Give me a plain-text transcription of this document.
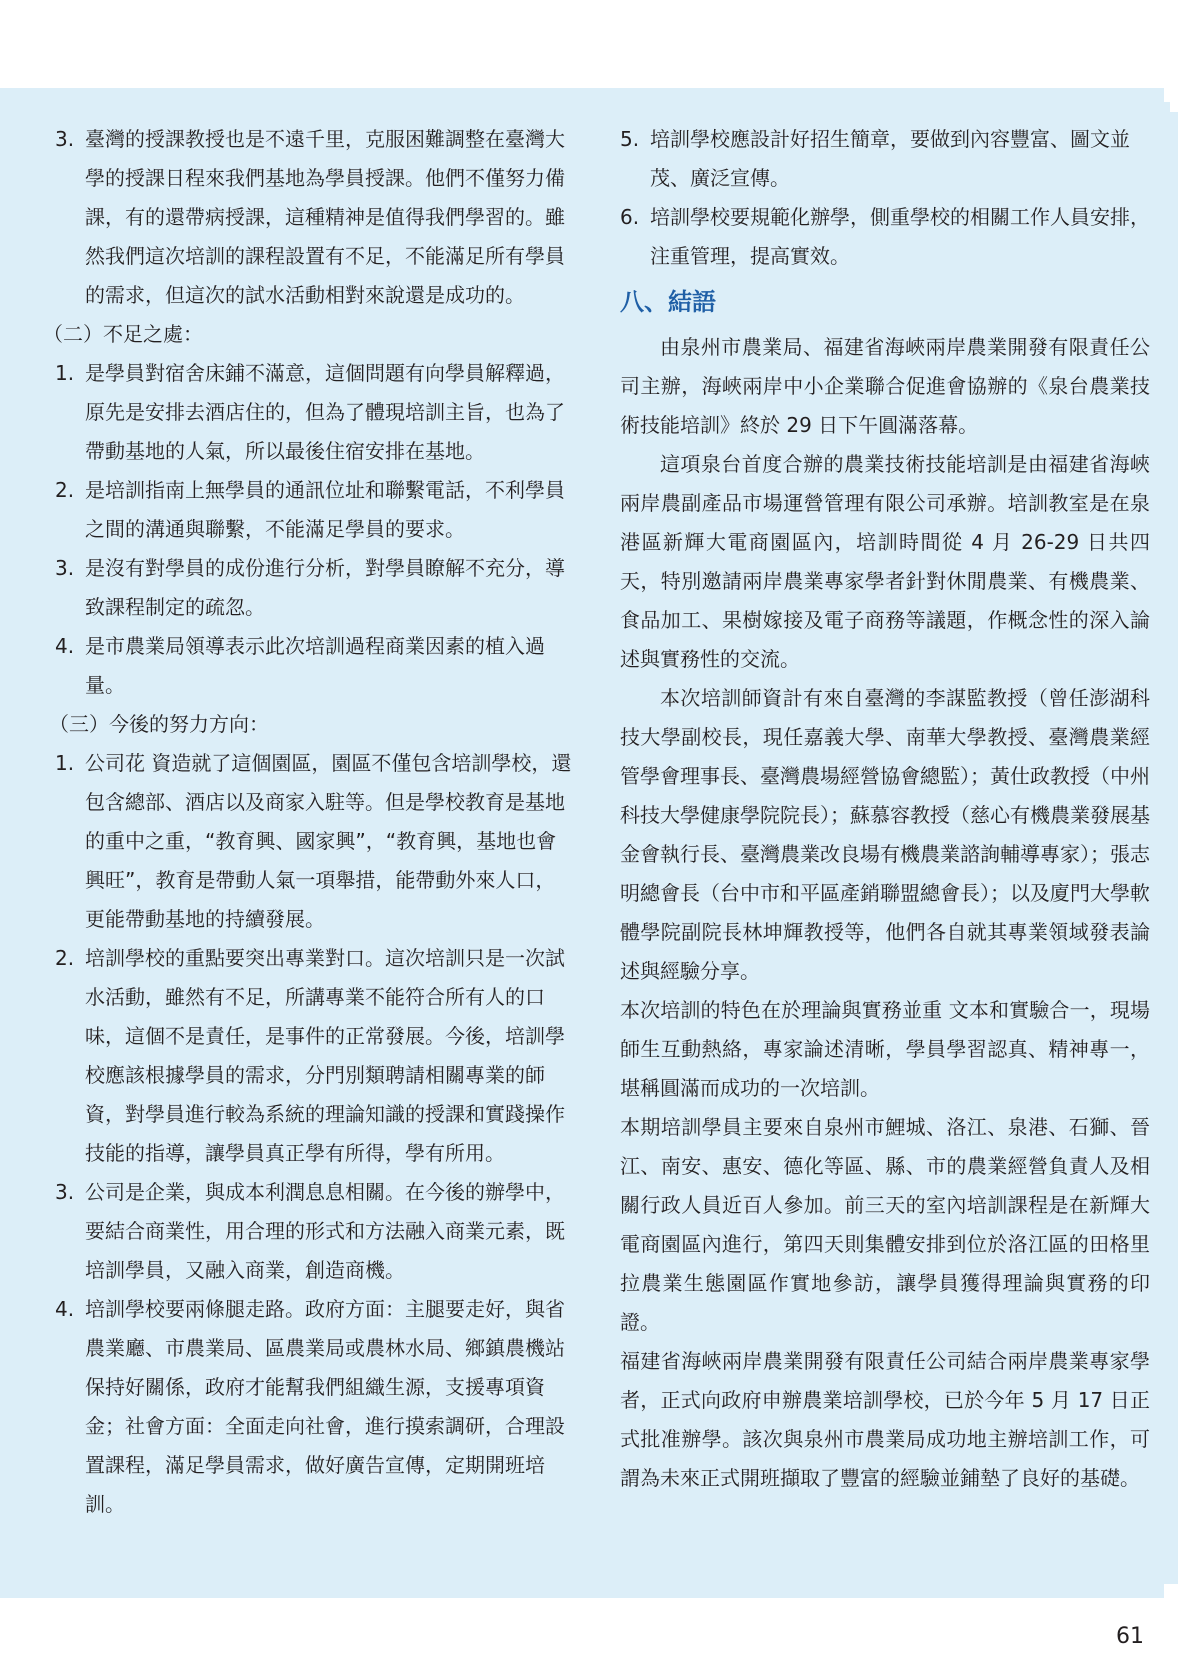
3. 臺灣的授課教授也是不遠千里，克服困難調整在臺灣大學的授課日程來我們基地為學員授課。他們不僅努力備課，有的還帶病授課，這種精神是值得我們學習的。雖然我們這次培訓的課程設置有不足，不能滿足所有學員的需求，但這次的試水活動相對來說還是成功的。
（二）不足之處：
1. 是學員對宿舍床鋪不滿意，這個問題有向學員解釋過，原先是安排去酒店住的，但為了體現培訓主旨，也為了帶動基地的人氣，所以最後住宿安排在基地。
2. 是培訓指南上無學員的通訊位址和聯繫電話，不利學員之間的溝通與聯繫，不能滿足學員的要求。
3. 是沒有對學員的成份進行分析，對學員瞭解不充分，導致課程制定的疏忽。
4. 是市農業局領導表示此次培訓過程商業因素的植入過量。
（三）今後的努力方向：
1. 公司花 資造就了這個園區，園區不僅包含培訓學校，還包含總部、酒店以及商家入駐等。但是學校教育是基地的重中之重，“教育興、國家興”，“教育興，基地也會興旺”，教育是帶動人氣一項舉措，能帶動外來人口，更能帶動基地的持續發展。
2. 培訓學校的重點要突出專業對口。這次培訓只是一次試水活動，雖然有不足，所講專業不能符合所有人的口味，這個不是責任，是事件的正常發展。今後，培訓學校應該根據學員的需求，分門別類聘請相關專業的師資，對學員進行較為系統的理論知識的授課和實踐操作技能的指導，讓學員真正學有所得，學有所用。
3. 公司是企業，與成本利潤息息相關。在今後的辦學中，要結合商業性，用合理的形式和方法融入商業元素，既培訓學員，又融入商業，創造商機。
4. 培訓學校要兩條腿走路。政府方面：主腿要走好，與省農業廳、市農業局、區農業局或農林水局、鄉鎮農機站保持好關係，政府才能幫我們組織生源，支援專項資金；社會方面：全面走向社會，進行摸索調研，合理設置課程，滿足學員需求，做好廣告宣傳，定期開班培訓。
5. 培訓學校應設計好招生簡章，要做到內容豐富、圖文並茂、廣泛宣傳。
6. 培訓學校要規範化辦學，側重學校的相關工作人員安排，注重管理，提高實效。
八、結語
由泉州市農業局、福建省海峽兩岸農業開發有限責任公司主辦，海峽兩岸中小企業聯合促進會協辦的《泉台農業技術技能培訓》終於 29 日下午圓滿落幕。
這項泉台首度合辦的農業技術技能培訓是由福建省海峽兩岸農副產品市場運營管理有限公司承辦。培訓教室是在泉港區新輝大電商園區內，培訓時間從 4 月 26-29 日共四天，特別邀請兩岸農業專家學者針對休閒農業、有機農業、食品加工、果樹嫁接及電子商務等議題，作概念性的深入論述與實務性的交流。
本次培訓師資計有來自臺灣的李謀監教授（曾任澎湖科技大學副校長，現任嘉義大學、南華大學教授、臺灣農業經管學會理事長、臺灣農場經營協會總監）；黃仕政教授（中州科技大學健康學院院長）；蘇慕容教授（慈心有機農業發展基金會執行長、臺灣農業改良場有機農業諮詢輔導專家）；張志明總會長（台中市和平區產銷聯盟總會長）；以及廈門大學軟體學院副院長林坤輝教授等，他們各自就其專業領域發表論述與經驗分享。
本次培訓的特色在於理論與實務並重 文本和實驗合一，現場師生互動熱絡，專家論述清晰，學員學習認真、精神專一，堪稱圓滿而成功的一次培訓。
本期培訓學員主要來自泉州市鯉城、洛江、泉港、石獅、晉江、南安、惠安、德化等區、縣、市的農業經營負責人及相關行政人員近百人參加。前三天的室內培訓課程是在新輝大電商園區內進行，第四天則集體安排到位於洛江區的田格里拉農業生態園區作實地參訪，讓學員獲得理論與實務的印證。
福建省海峽兩岸農業開發有限責任公司結合兩岸農業專家學者，正式向政府申辦農業培訓學校，已於今年 5 月 17 日正式批准辦學。該次與泉州市農業局成功地主辦培訓工作，可謂為未來正式開班擷取了豐富的經驗並鋪墊了良好的基礎。
61
